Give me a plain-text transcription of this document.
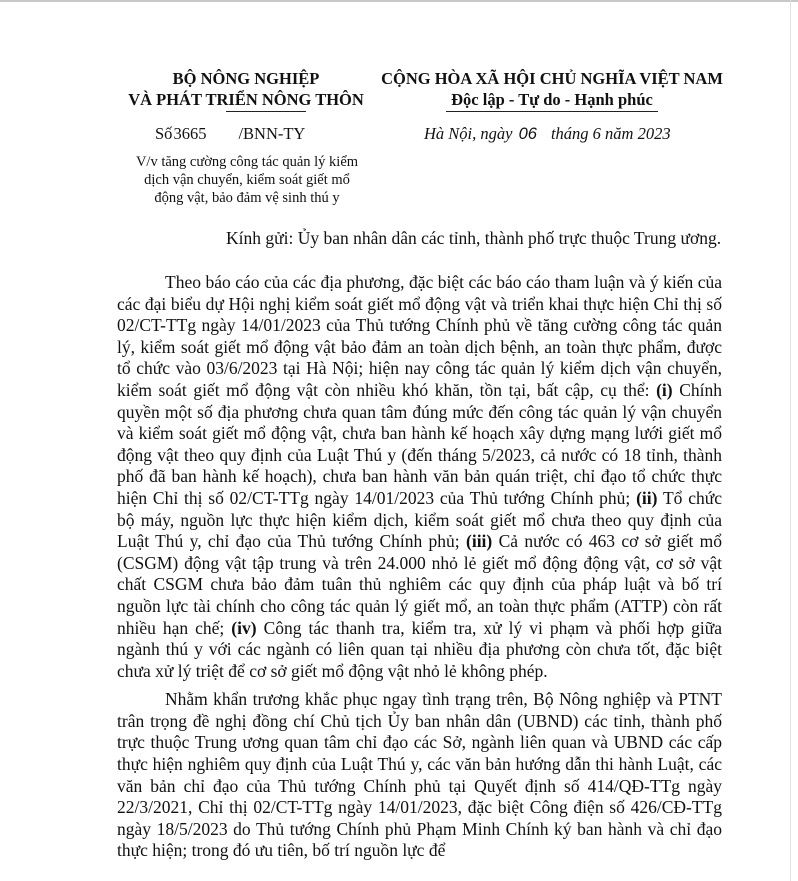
BỘ NÔNG NGHIỆP
VÀ PHÁT TRIỂN NÔNG THÔN
CỘNG HÒA XÃ HỘI CHỦ NGHĨA VIỆT NAM
Độc lập - Tự do - Hạnh phúc
Số3665 /BNN-TY	Hà Nội, ngày 06 tháng 6 năm 2023
V/v tăng cường công tác quản lý kiểm
dịch vận chuyển, kiểm soát giết mổ
động vật, bảo đảm vệ sinh thú y
Kính gửi: Ủy ban nhân dân các tỉnh, thành phố trực thuộc Trung ương.

Theo báo cáo của các địa phương, đặc biệt các báo cáo tham luận và ý kiến của các đại biểu dự Hội nghị kiểm soát giết mổ động vật và triển khai thực hiện Chỉ thị số 02/CT-TTg ngày 14/01/2023 của Thủ tướng Chính phủ về tăng cường công tác quản lý, kiểm soát giết mổ động vật bảo đảm an toàn dịch bệnh, an toàn thực phẩm, được tổ chức vào 03/6/2023 tại Hà Nội; hiện nay công tác quản lý kiểm dịch vận chuyển, kiểm soát giết mổ động vật còn nhiều khó khăn, tồn tại, bất cập, cụ thể: (i) Chính quyền một số địa phương chưa quan tâm đúng mức đến công tác quản lý vận chuyển và kiểm soát giết mổ động vật, chưa ban hành kế hoạch xây dựng mạng lưới giết mổ động vật theo quy định của Luật Thú y (đến tháng 5/2023, cả nước có 18 tỉnh, thành phố đã ban hành kế hoạch), chưa ban hành văn bản quán triệt, chỉ đạo tổ chức thực hiện Chỉ thị số 02/CT-TTg ngày 14/01/2023 của Thủ tướng Chính phủ; (ii) Tổ chức bộ máy, nguồn lực thực hiện kiểm dịch, kiểm soát giết mổ chưa theo quy định của Luật Thú y, chỉ đạo của Thủ tướng Chính phủ; (iii) Cả nước có 463 cơ sở giết mổ (CSGM) động vật tập trung và trên 24.000 nhỏ lẻ giết mổ động động vật, cơ sở vật chất CSGM chưa bảo đảm tuân thủ nghiêm các quy định của pháp luật và bố trí nguồn lực tài chính cho công tác quản lý giết mổ, an toàn thực phẩm (ATTP) còn rất nhiều hạn chế; (iv) Công tác thanh tra, kiểm tra, xử lý vi phạm và phối hợp giữa ngành thú y với các ngành có liên quan tại nhiều địa phương còn chưa tốt, đặc biệt chưa xử lý triệt để cơ sở giết mổ động vật nhỏ lẻ không phép.

Nhằm khẩn trương khắc phục ngay tình trạng trên, Bộ Nông nghiệp và PTNT trân trọng đề nghị đồng chí Chủ tịch Ủy ban nhân dân (UBND) các tỉnh, thành phố trực thuộc Trung ương quan tâm chỉ đạo các Sở, ngành liên quan và UBND các cấp thực hiện nghiêm quy định của Luật Thú y, các văn bản hướng dẫn thi hành Luật, các văn bản chỉ đạo của Thủ tướng Chính phủ tại Quyết định số 414/QĐ-TTg ngày 22/3/2021, Chỉ thị 02/CT-TTg ngày 14/01/2023, đặc biệt Công điện số 426/CĐ-TTg ngày 18/5/2023 do Thủ tướng Chính phủ Phạm Minh Chính ký ban hành và chỉ đạo thực hiện; trong đó ưu tiên, bố trí nguồn lực để
